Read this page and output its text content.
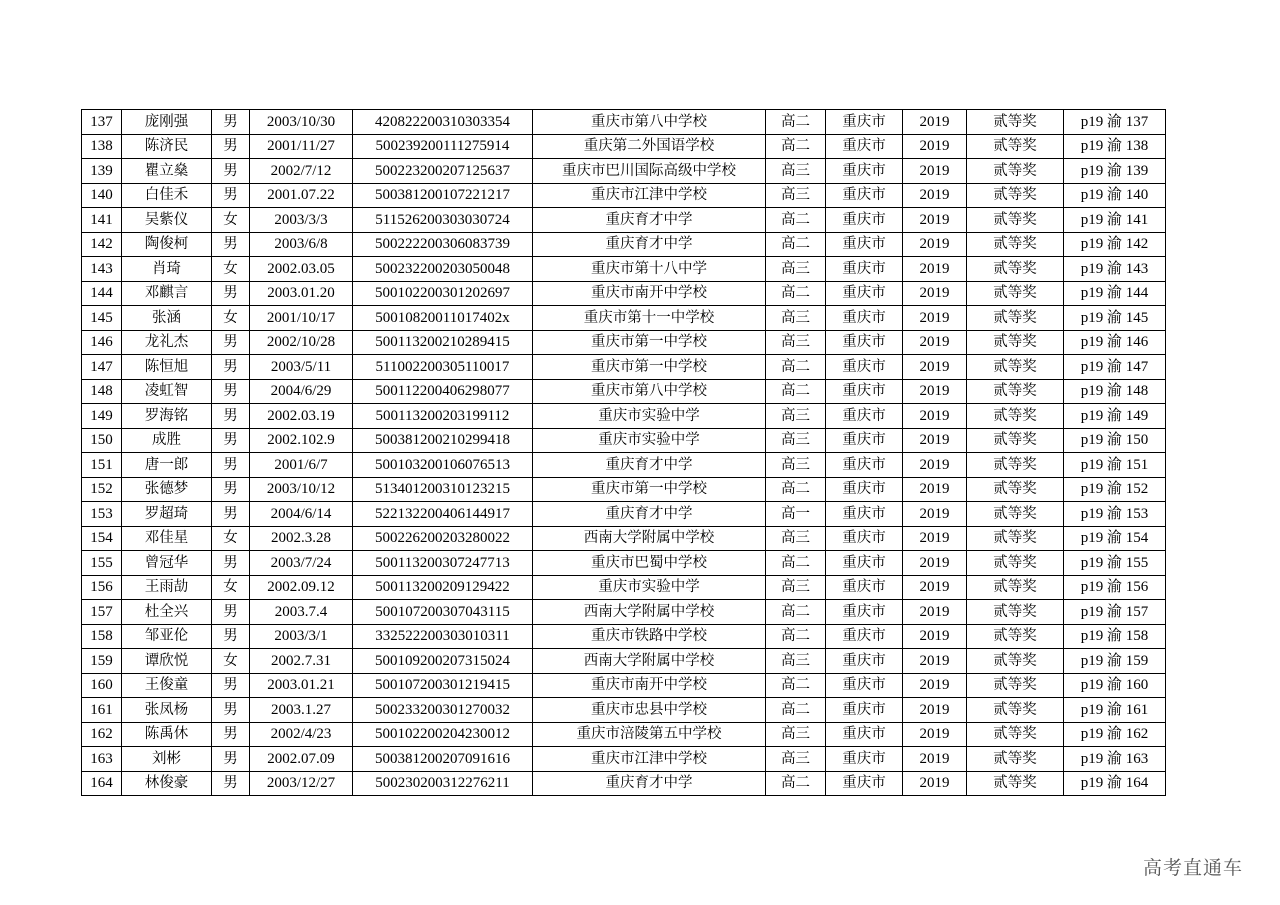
137	庞刚强	男	2003/10/30	420822200310303354	重庆市第八中学校	高二	重庆市	2019	贰等奖	p19 渝 137
138	陈济民	男	2001/11/27	500239200111275914	重庆第二外国语学校	高二	重庆市	2019	贰等奖	p19 渝 138
139	瞿立燊	男	2002/7/12	500223200207125637	重庆市巴川国际高级中学校	高三	重庆市	2019	贰等奖	p19 渝 139
140	白佳禾	男	2001.07.22	500381200107221217	重庆市江津中学校	高三	重庆市	2019	贰等奖	p19 渝 140
141	吴紫仪	女	2003/3/3	511526200303030724	重庆育才中学	高二	重庆市	2019	贰等奖	p19 渝 141
142	陶俊柯	男	2003/6/8	500222200306083739	重庆育才中学	高二	重庆市	2019	贰等奖	p19 渝 142
143	肖琦	女	2002.03.05	500232200203050048	重庆市第十八中学	高三	重庆市	2019	贰等奖	p19 渝 143
144	邓麒言	男	2003.01.20	500102200301202697	重庆市南开中学校	高二	重庆市	2019	贰等奖	p19 渝 144
145	张涵	女	2001/10/17	50010820011017402x	重庆市第十一中学校	高三	重庆市	2019	贰等奖	p19 渝 145
146	龙礼杰	男	2002/10/28	500113200210289415	重庆市第一中学校	高三	重庆市	2019	贰等奖	p19 渝 146
147	陈恒旭	男	2003/5/11	511002200305110017	重庆市第一中学校	高二	重庆市	2019	贰等奖	p19 渝 147
148	凌虹智	男	2004/6/29	500112200406298077	重庆市第八中学校	高二	重庆市	2019	贰等奖	p19 渝 148
149	罗海铭	男	2002.03.19	500113200203199112	重庆市实验中学	高三	重庆市	2019	贰等奖	p19 渝 149
150	成胜	男	2002.102.9	500381200210299418	重庆市实验中学	高三	重庆市	2019	贰等奖	p19 渝 150
151	唐一郎	男	2001/6/7	500103200106076513	重庆育才中学	高三	重庆市	2019	贰等奖	p19 渝 151
152	张德梦	男	2003/10/12	513401200310123215	重庆市第一中学校	高二	重庆市	2019	贰等奖	p19 渝 152
153	罗超琦	男	2004/6/14	522132200406144917	重庆育才中学	高一	重庆市	2019	贰等奖	p19 渝 153
154	邓佳星	女	2002.3.28	500226200203280022	西南大学附属中学校	高三	重庆市	2019	贰等奖	p19 渝 154
155	曾冠华	男	2003/7/24	500113200307247713	重庆市巴蜀中学校	高二	重庆市	2019	贰等奖	p19 渝 155
156	王雨劼	女	2002.09.12	500113200209129422	重庆市实验中学	高三	重庆市	2019	贰等奖	p19 渝 156
157	杜全兴	男	2003.7.4	500107200307043115	西南大学附属中学校	高二	重庆市	2019	贰等奖	p19 渝 157
158	邹亚伦	男	2003/3/1	332522200303010311	重庆市铁路中学校	高二	重庆市	2019	贰等奖	p19 渝 158
159	谭欣悦	女	2002.7.31	500109200207315024	西南大学附属中学校	高三	重庆市	2019	贰等奖	p19 渝 159
160	王俊童	男	2003.01.21	500107200301219415	重庆市南开中学校	高二	重庆市	2019	贰等奖	p19 渝 160
161	张凤杨	男	2003.1.27	500233200301270032	重庆市忠县中学校	高二	重庆市	2019	贰等奖	p19 渝 161
162	陈禹休	男	2002/4/23	500102200204230012	重庆市涪陵第五中学校	高三	重庆市	2019	贰等奖	p19 渝 162
163	刘彬	男	2002.07.09	500381200207091616	重庆市江津中学校	高三	重庆市	2019	贰等奖	p19 渝 163
164	林俊豪	男	2003/12/27	500230200312276211	重庆育才中学	高二	重庆市	2019	贰等奖	p19 渝 164
高考直通车
